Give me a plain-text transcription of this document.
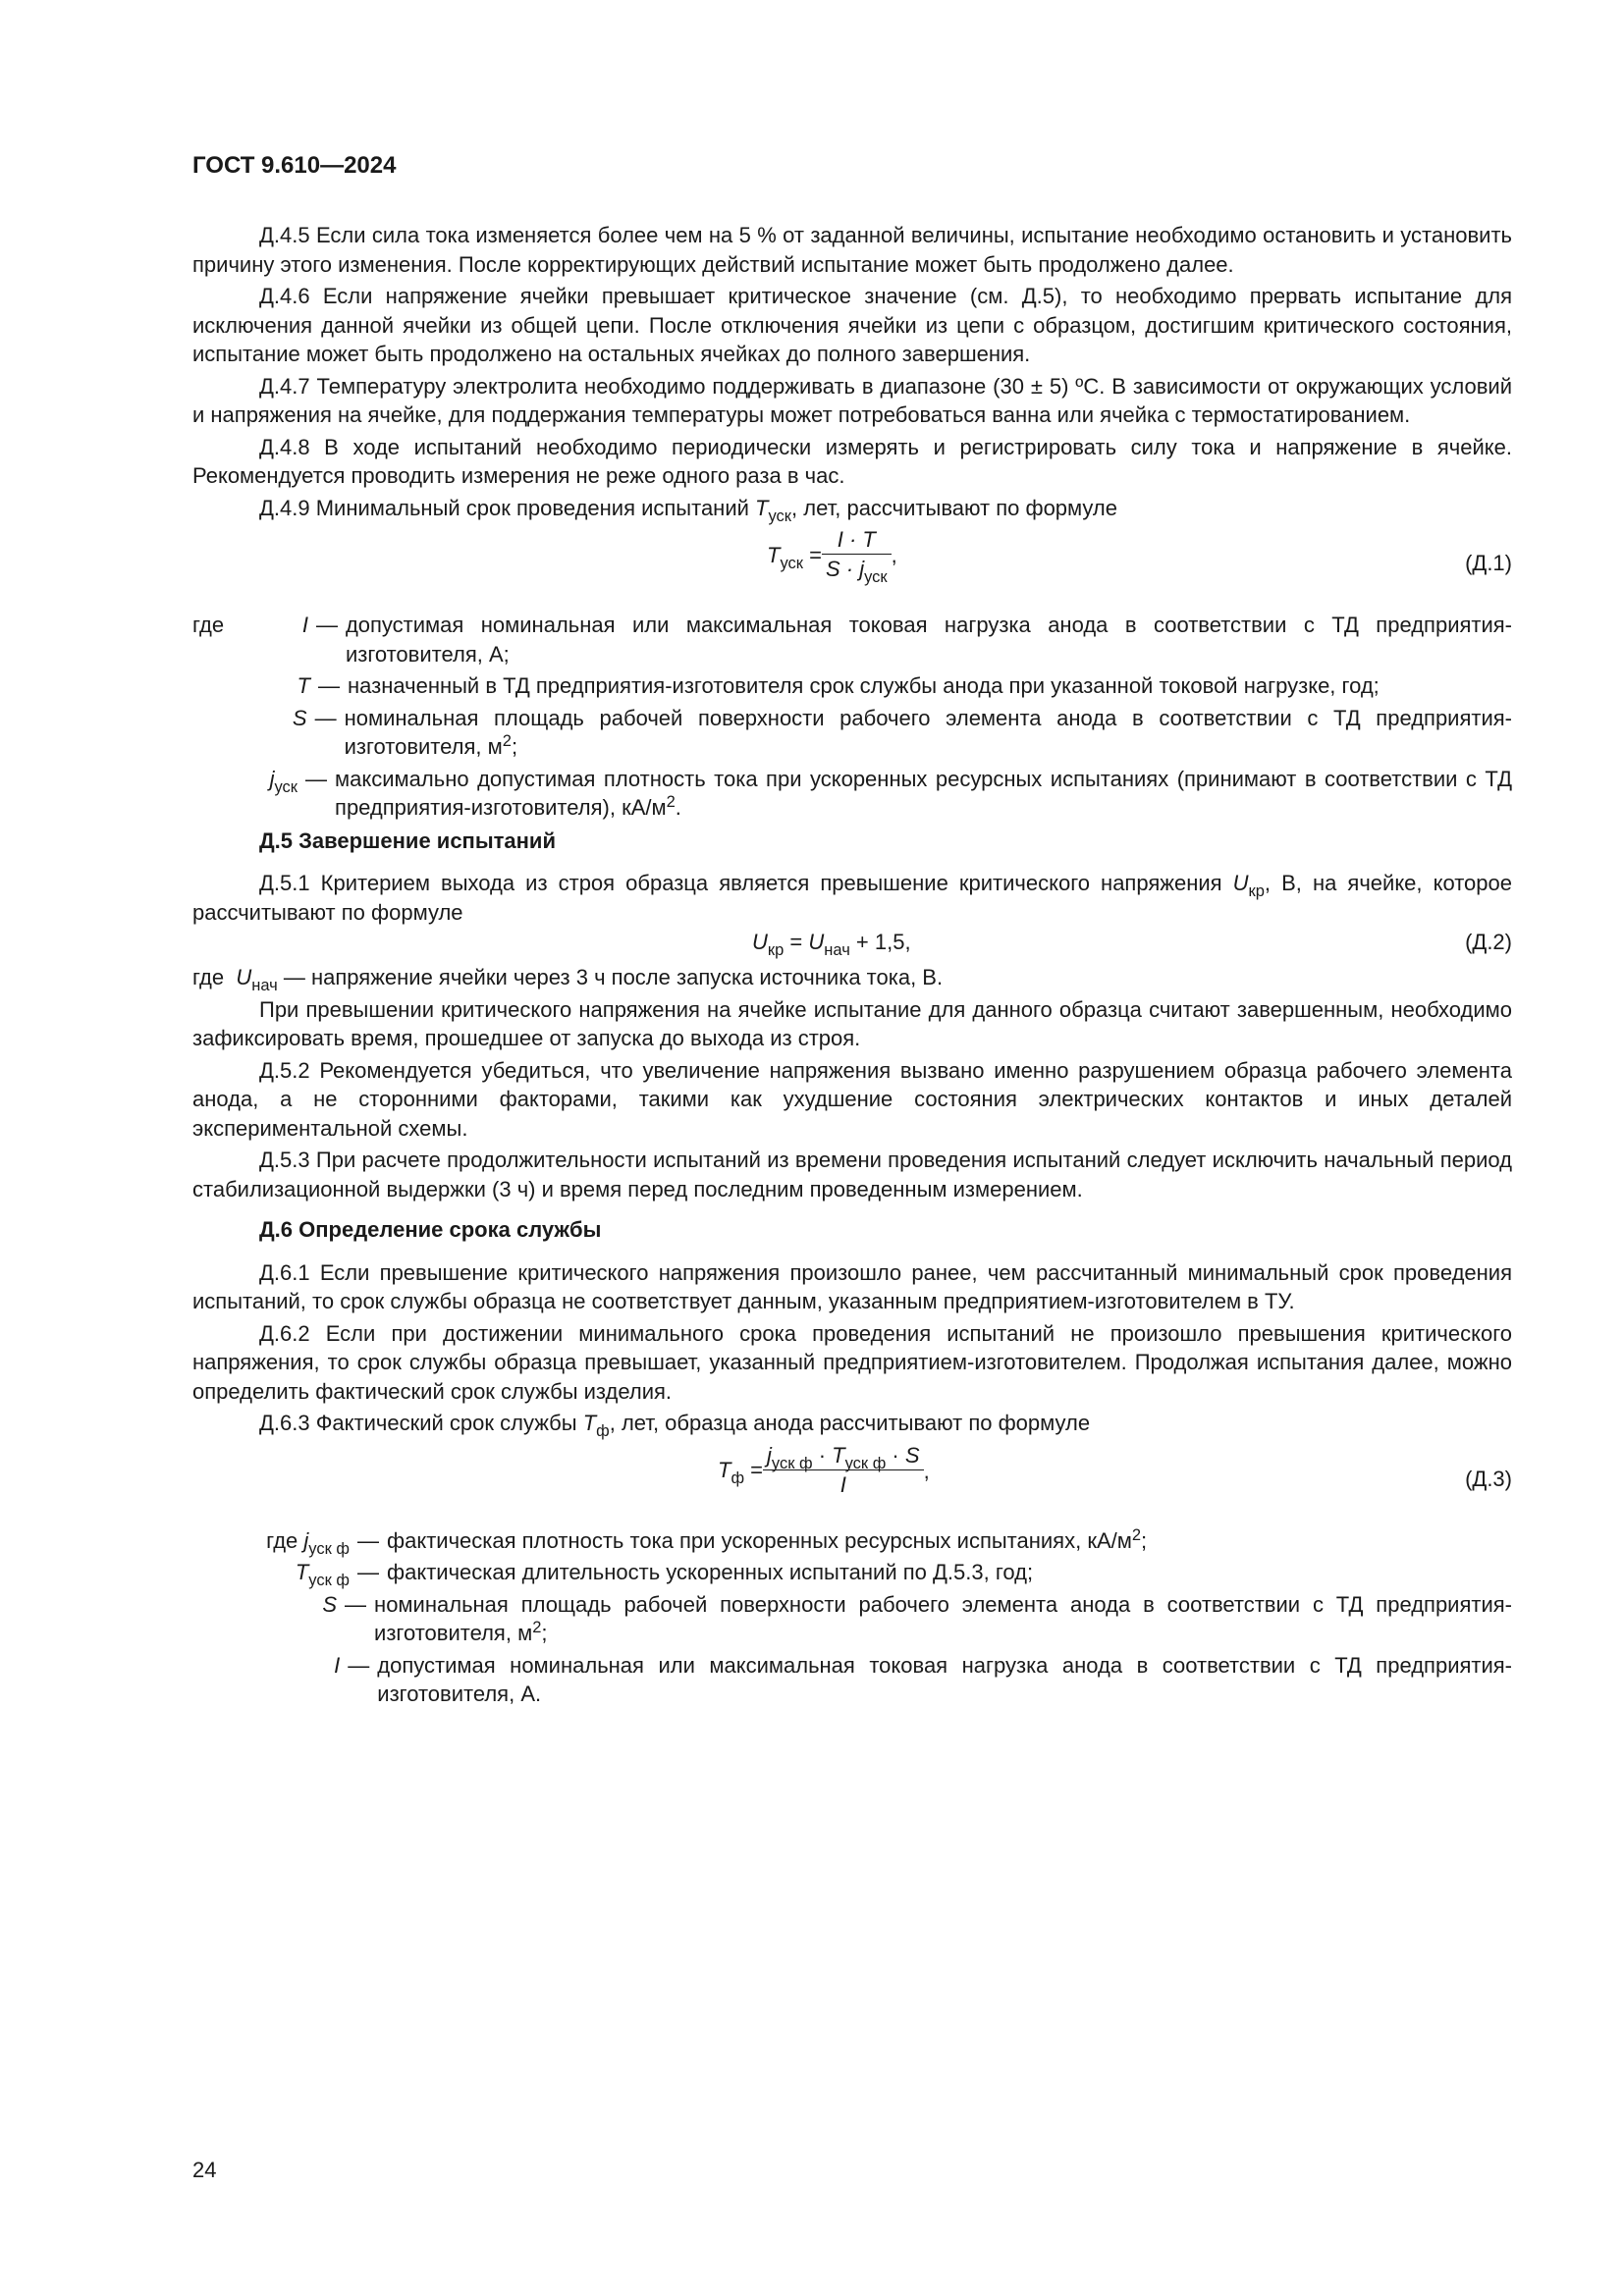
ГОСТ 9.610—2024

Д.4.5 Если сила тока изменяется более чем на 5 % от заданной величины, испытание необходимо остановить и установить причину этого изменения. После корректирующих действий испытание может быть продолжено далее.

Д.4.6 Если напряжение ячейки превышает критическое значение (см. Д.5), то необходимо прервать испытание для исключения данной ячейки из общей цепи. После отключения ячейки из цепи с образцом, достигшим критического состояния, испытание может быть продолжено на остальных ячейках до полного завершения.

Д.4.7 Температуру электролита необходимо поддерживать в диапазоне (30 ± 5) ºС. В зависимости от окружающих условий и напряжения на ячейке, для поддержания температуры может потребоваться ванна или ячейка с термостатированием.

Д.4.8 В ходе испытаний необходимо периодически измерять и регистрировать силу тока и напряжение в ячейке. Рекомендуется проводить измерения не реже одного раза в час.

Д.4.9 Минимальный срок проведения испытаний $T_{уск}$, лет, рассчитывают по формуле

$T_{уск} = \frac{I \cdot T}{S \cdot j_{уск}}$ ,	(Д.1)
где	I — допустимая номинальная или максимальная токовая нагрузка анода в соответствии с ТД предприятия-изготовителя, А;
T — назначенный в ТД предприятия-изготовителя срок службы анода при указанной токовой нагрузке, год;
S — номинальная площадь рабочей поверхности рабочего элемента анода в соответствии с ТД предприятия-изготовителя, $м^2$;
$j_{уск}$ — максимально допустимая плотность тока при ускоренных ресурсных испытаниях (принимают в соответствии с ТД предприятия-изготовителя), $кА/м^2$.
Д.5 Завершение испытаний

Д.5.1 Критерием выхода из строя образца является превышение критического напряжения $U_{кр}$, В, на ячейке, которое рассчитывают по формуле

$U_{кр} = U_{нач} + 1,5$,	(Д.2)

где $U_{нач}$ — напряжение ячейки через 3 ч после запуска источника тока, В.

При превышении критического напряжения на ячейке испытание для данного образца считают завершенным, необходимо зафиксировать время, прошедшее от запуска до выхода из строя.

Д.5.2 Рекомендуется убедиться, что увеличение напряжения вызвано именно разрушением образца рабочего элемента анода, а не сторонними факторами, такими как ухудшение состояния электрических контактов и иных деталей экспериментальной схемы.

Д.5.3 При расчете продолжительности испытаний из времени проведения испытаний следует исключить начальный период стабилизационной выдержки (3 ч) и время перед последним проведенным измерением.

Д.6 Определение срока службы

Д.6.1 Если превышение критического напряжения произошло ранее, чем рассчитанный минимальный срок проведения испытаний, то срок службы образца не соответствует данным, указанным предприятием-изготовителем в ТУ.

Д.6.2 Если при достижении минимального срока проведения испытаний не произошло превышения критического напряжения, то срок службы образца превышает, указанный предприятием-изготовителем. Продолжая испытания далее, можно определить фактический срок службы изделия.

Д.6.3 Фактический срок службы $T_ф$, лет, образца анода рассчитывают по формуле

$T_ф = \frac{j_{уск ф} \cdot T_{уск ф} \cdot S}{I}$ ,	(Д.3)
где $j_{уск ф}$ — фактическая плотность тока при ускоренных ресурсных испытаниях, $кА/м^2$;
$T_{уск ф}$ — фактическая длительность ускоренных испытаний по Д.5.3, год;
S — номинальная площадь рабочей поверхности рабочего элемента анода в соответствии с ТД предприятия-изготовителя, $м^2$;
I — допустимая номинальная или максимальная токовая нагрузка анода в соответствии с ТД предприятия-изготовителя, А.
24
